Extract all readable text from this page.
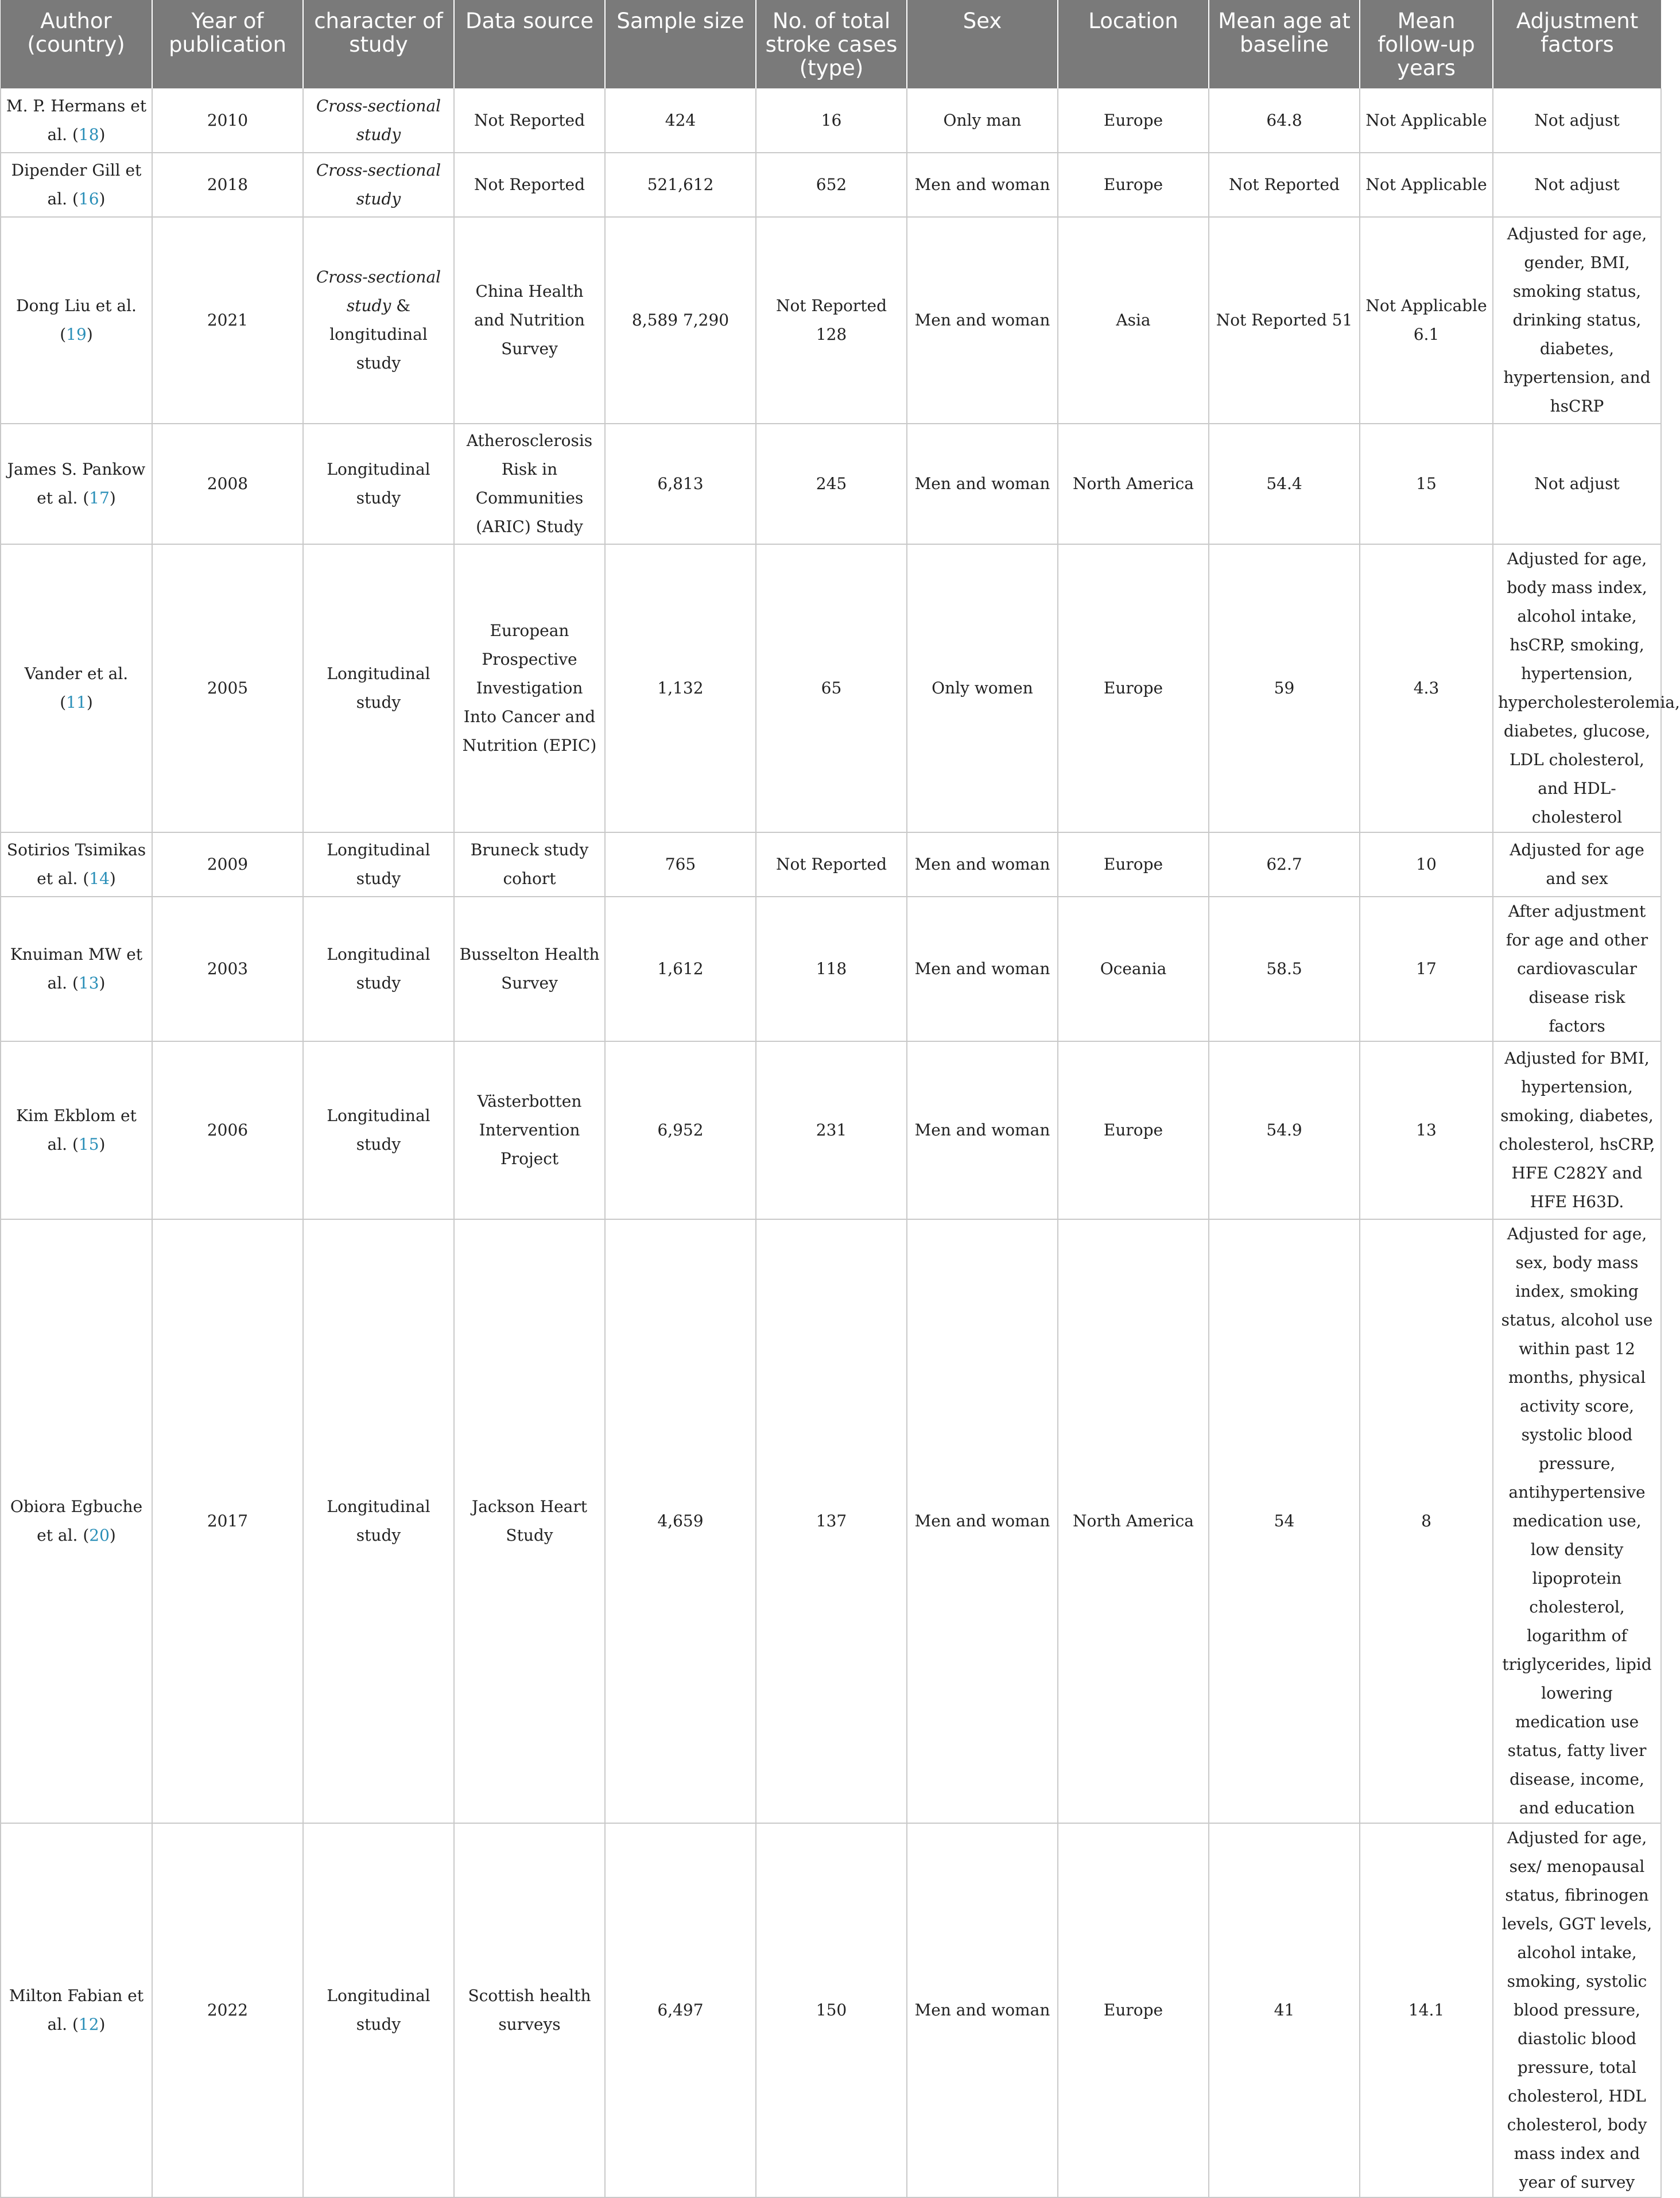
Author (country)	Year of publication	character of study	Data source	Sample size	No. of total stroke cases (type)	Sex	Location	Mean age at baseline	Mean follow-up years	Adjustment factors
M. P. Hermans et al. (18)	2010	Cross-sectional study	Not Reported	424	16	Only man	Europe	64.8	Not Applicable	Not adjust
Dipender Gill et al. (16)	2018	Cross-sectional study	Not Reported	521,612	652	Men and woman	Europe	Not Reported	Not Applicable	Not adjust
Dong Liu et al. (19)	2021	Cross-sectional study & longitudinal study	China Health and Nutrition Survey	8,589 7,290	Not Reported 128	Men and woman	Asia	Not Reported 51	Not Applicable 6.1	Adjusted for age, gender, BMI, smoking status, drinking status, diabetes, hypertension, and hsCRP
James S. Pankow et al. (17)	2008	Longitudinal study	Atherosclerosis Risk in Communities (ARIC) Study	6,813	245	Men and woman	North America	54.4	15	Not adjust
Vander et al. (11)	2005	Longitudinal study	European Prospective Investigation Into Cancer and Nutrition (EPIC)	1,132	65	Only women	Europe	59	4.3	Adjusted for age, body mass index, alcohol intake, hsCRP, smoking, hypertension, hypercholesterolemia, diabetes, glucose, LDL cholesterol, and HDL-cholesterol
Sotirios Tsimikas et al. (14)	2009	Longitudinal study	Bruneck study cohort	765	Not Reported	Men and woman	Europe	62.7	10	Adjusted for age and sex
Knuiman MW et al. (13)	2003	Longitudinal study	Busselton Health Survey	1,612	118	Men and woman	Oceania	58.5	17	After adjustment for age and other cardiovascular disease risk factors
Kim Ekblom et al. (15)	2006	Longitudinal study	Västerbotten Intervention Project	6,952	231	Men and woman	Europe	54.9	13	Adjusted for BMI, hypertension, smoking, diabetes, cholesterol, hsCRP, HFE C282Y and HFE H63D.
Obiora Egbuche et al. (20)	2017	Longitudinal study	Jackson Heart Study	4,659	137	Men and woman	North America	54	8	Adjusted for age, sex, body mass index, smoking status, alcohol use within past 12 months, physical activity score, systolic blood pressure, antihypertensive medication use, low density lipoprotein cholesterol, logarithm of triglycerides, lipid lowering medication use status, fatty liver disease, income, and education
Milton Fabian et al. (12)	2022	Longitudinal study	Scottish health surveys	6,497	150	Men and woman	Europe	41	14.1	Adjusted for age, sex/ menopausal status, fibrinogen levels, GGT levels, alcohol intake, smoking, systolic blood pressure, diastolic blood pressure, total cholesterol, HDL cholesterol, body mass index and year of survey
